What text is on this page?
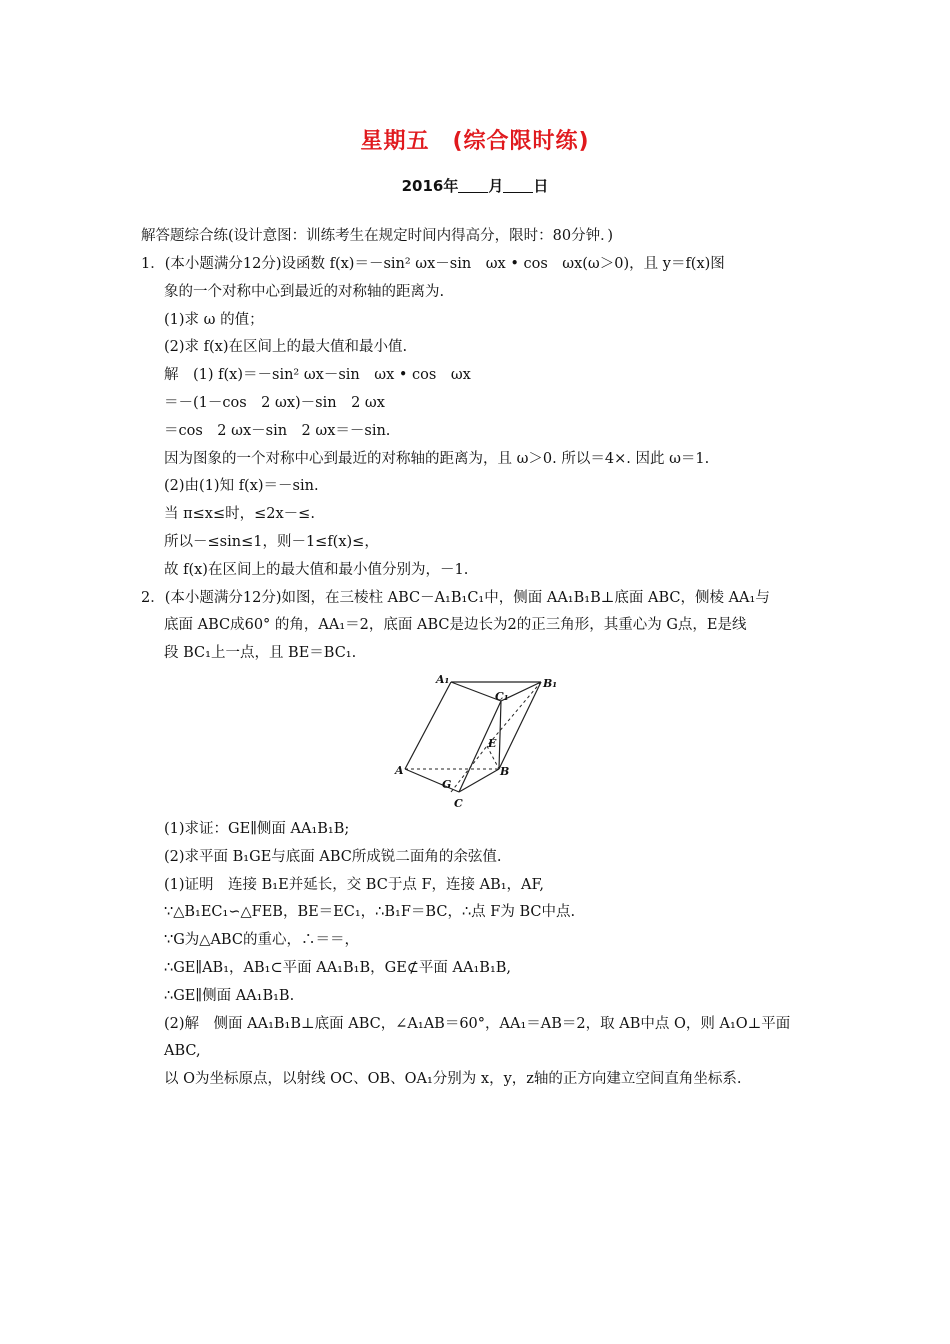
星期五　(综合限时练)
2016年 月 日
解答题综合练(设计意图：训练考生在规定时间内得高分，限时：80分钟．)
1．(本小题满分12分)设函数 f(x)＝－sin² ωx－sin　ωx • cos　ωx(ω＞0)，且 y＝f(x)图
象的一个对称中心到最近的对称轴的距离为.
(1)求 ω 的值；
(2)求 f(x)在区间上的最大值和最小值.
解　(1) f(x)＝－sin² ωx－sin　ωx • cos　ωx
＝－(1－cos　2 ωx)－sin　2 ωx
＝cos　2 ωx－sin　2 ωx＝－sin.
因为图象的一个对称中心到最近的对称轴的距离为，且 ω＞0. 所以＝4×. 因此 ω＝1.
(2)由(1)知 f(x)＝－sin.
当 π≤x≤时，≤2x－≤.
所以－≤sin≤1，则－1≤f(x)≤，
故 f(x)在区间上的最大值和最小值分别为，－1.
2．(本小题满分12分)如图，在三棱柱 ABC－A₁B₁C₁中，侧面 AA₁B₁B⊥底面 ABC，侧棱 AA₁与
底面 ABC成60° 的角，AA₁＝2，底面 ABC是边长为2的正三角形，其重心为 G点，E是线
段 BC₁上一点，且 BE＝BC₁.
A₁	B₁
C₁
E
A	B
G
C
(1)求证：GE∥侧面 AA₁B₁B;
(2)求平面 B₁GE与底面 ABC所成锐二面角的余弦值.
(1)证明　连接 B₁E并延长，交 BC于点 F，连接 AB₁，AF,
∵△B₁EC₁∽△FEB，BE＝EC₁，∴B₁F＝BC，∴点 F为 BC中点.
∵G为△ABC的重心，∴＝＝，
∴GE∥AB₁，AB₁⊂平面 AA₁B₁B，GE⊄平面 AA₁B₁B,
∴GE∥侧面 AA₁B₁B.
(2)解　侧面 AA₁B₁B⊥底面 ABC，∠A₁AB＝60°，AA₁＝AB＝2，取 AB中点 O，则 A₁O⊥平面
ABC,
以 O为坐标原点，以射线 OC、OB、OA₁分别为 x，y，z轴的正方向建立空间直角坐标系.
